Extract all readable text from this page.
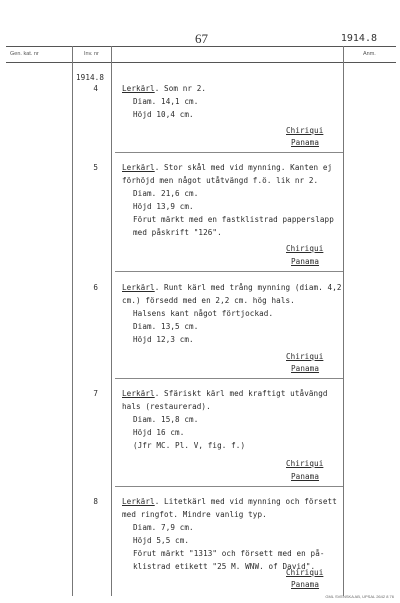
67	1914.8
Gen. kat. nr	Inv. nr	Anm.
1914.8
4	Lerkärl. Som nr 2.
Diam. 14,1 cm.
Höjd 10,4 cm.
Chiriqui
Panama
5	Lerkärl. Stor skål med vid mynning. Kanten ej
förhöjd men något utåtvängd f.ö. lik nr 2.
Diam. 21,6 cm.
Höjd 13,9 cm.
Förut märkt med en fastklistrad papperslapp
med påskrift "126".
Chiriqui
Panama
6	Lerkärl. Runt kärl med trång mynning (diam. 4,2
cm.) försedd med en 2,2 cm. hög hals.
Halsens kant något förtjockad.
Diam. 13,5 cm.
Höjd 12,3 cm.
Chiriqui
Panama
7	Lerkärl. Sfäriskt kärl med kraftigt utåvängd
hals (restaurerad).
Diam. 15,8 cm.
Höjd 16 cm.
(Jfr MC. Pl. V, fig. f.)
Chiriqui
Panama
8	Lerkärl. Litetkärl med vid mynning och försett
med ringfot. Mindre vanlig typ.
Diam. 7,9 cm.
Höjd 5,5 cm.
Förut märkt "1313" och försett med en på-
klistrad etikett "25 M. WNW. of David".
Chiriqui
Panama
GML SVENSKA AB, UPSAL 2642 8 76
